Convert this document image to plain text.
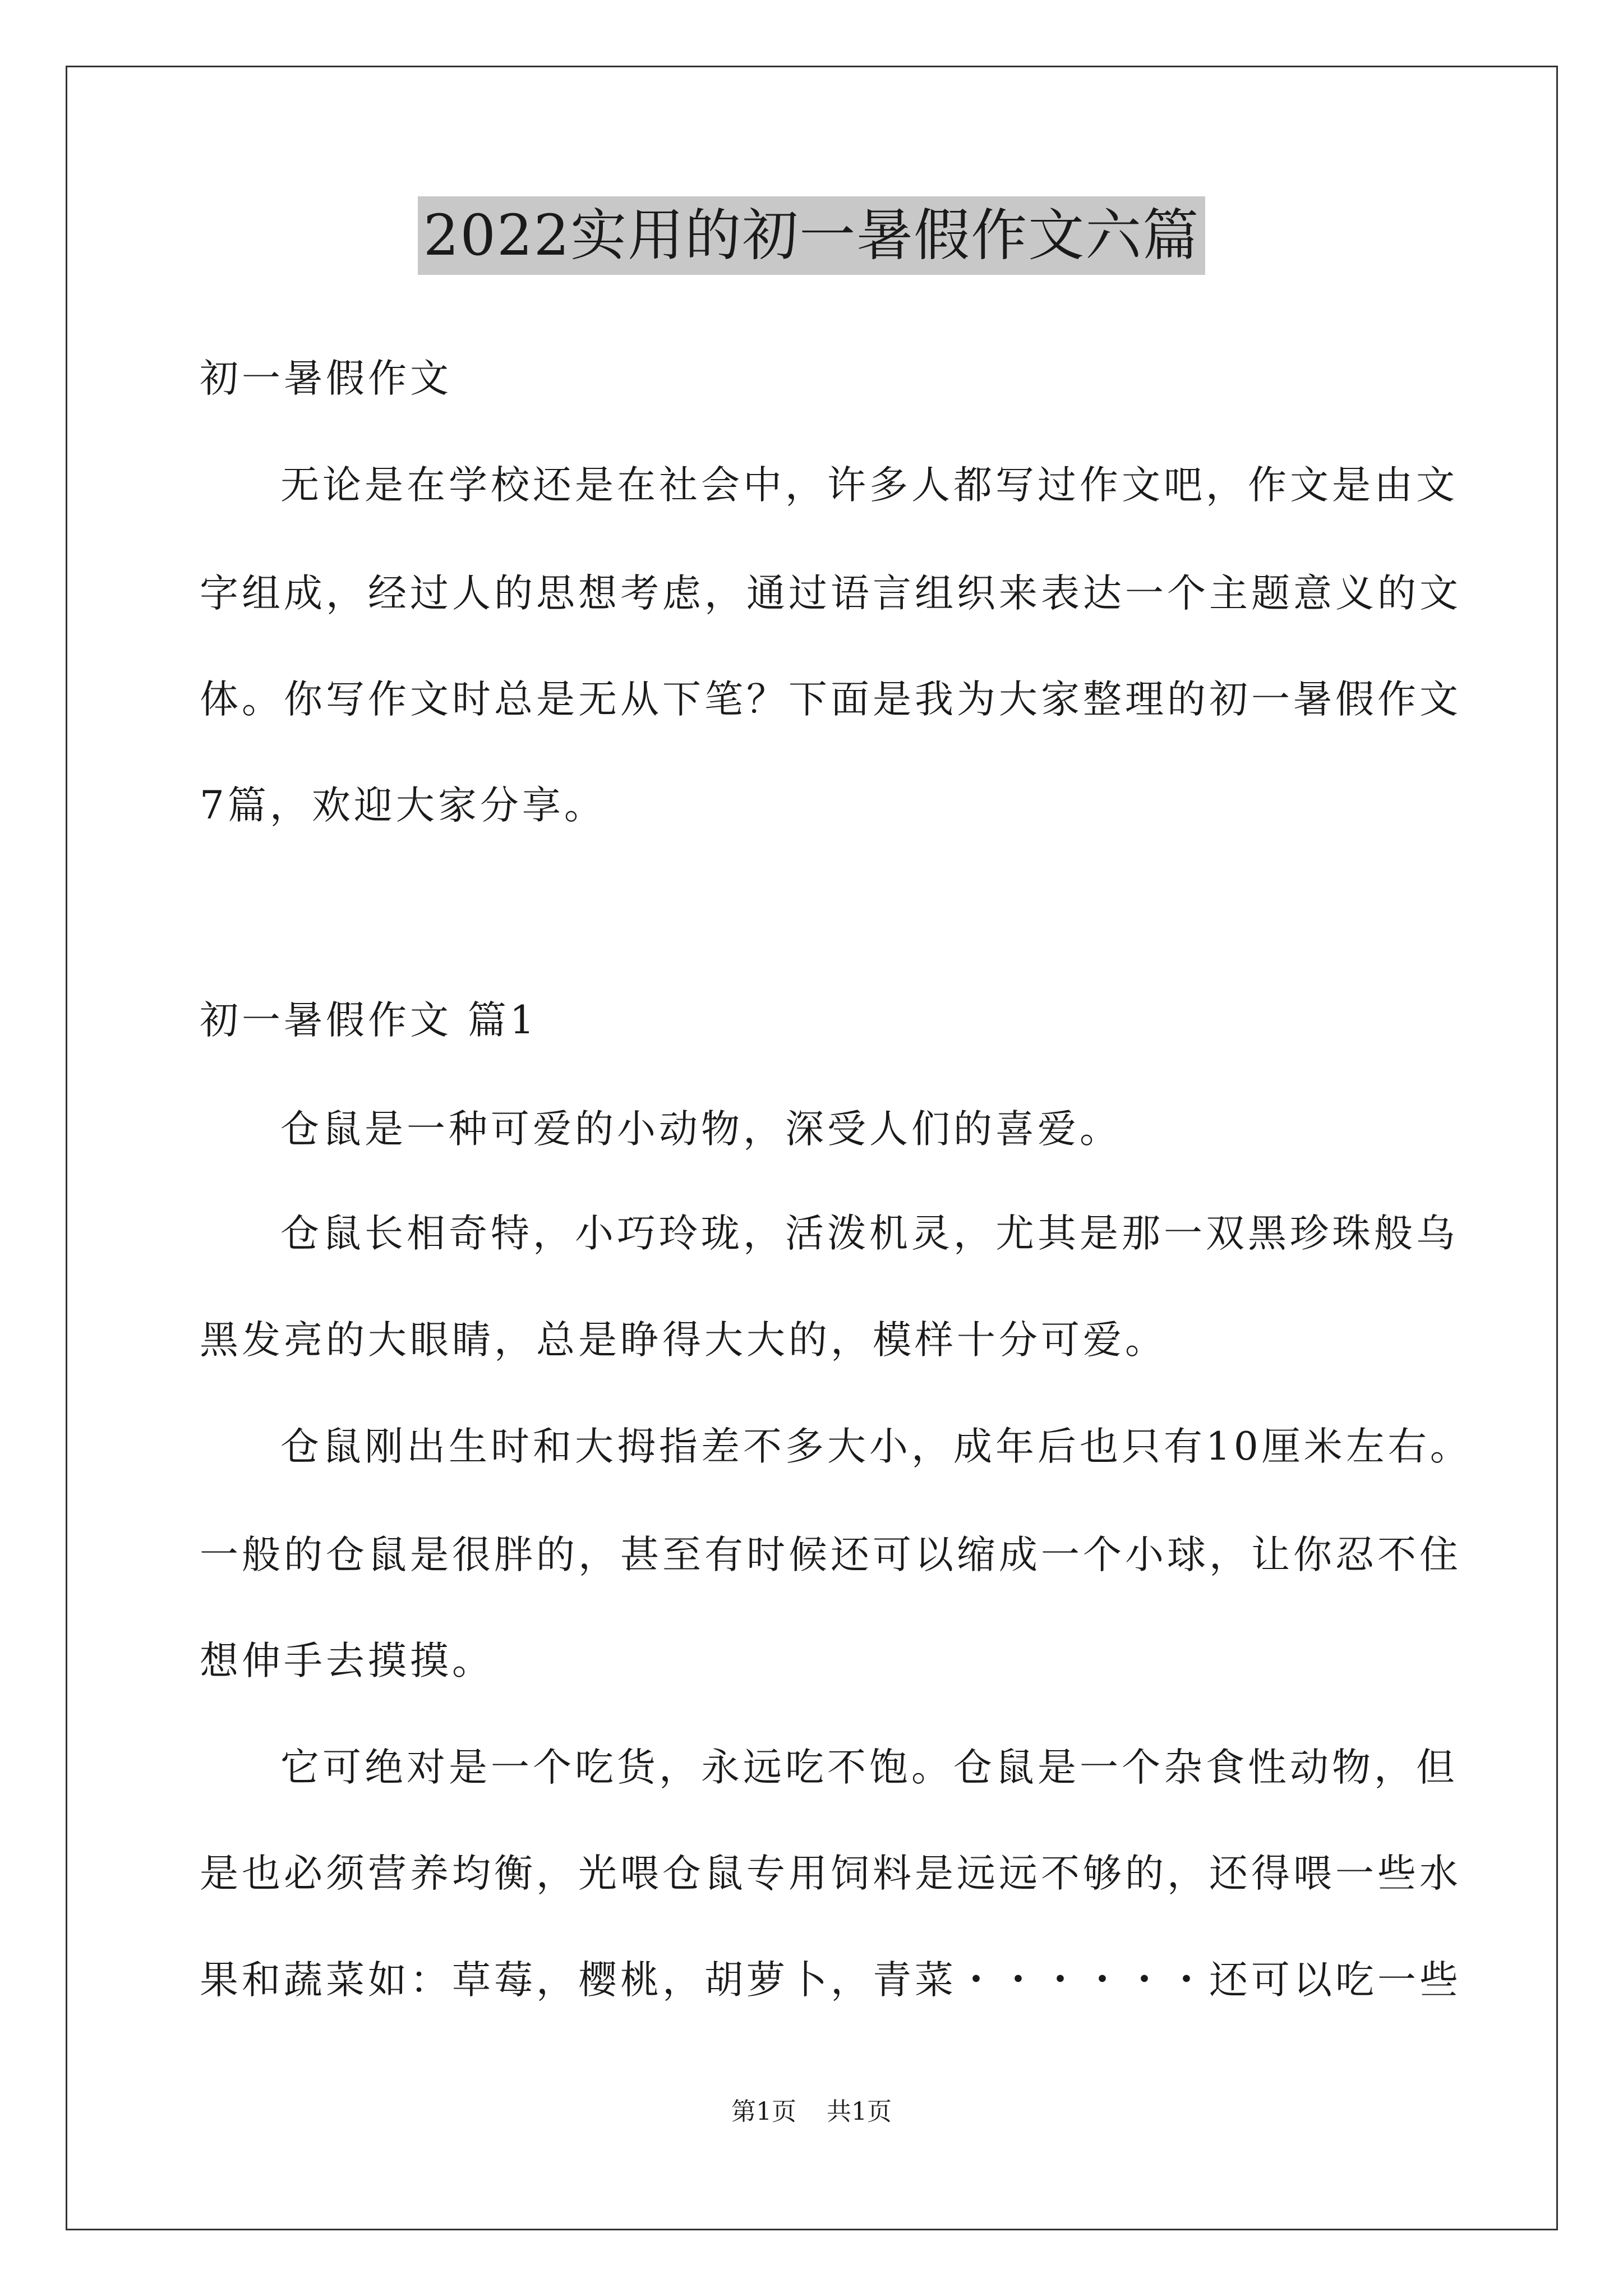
2022实用的初一暑假作文六篇
初一暑假作文
无论是在学校还是在社会中，许多人都写过作文吧，作文是由文
字组成，经过人的思想考虑，通过语言组织来表达一个主题意义的文
体。你写作文时总是无从下笔？下面是我为大家整理的初一暑假作文
7篇，欢迎大家分享。
初一暑假作文 篇1
仓鼠是一种可爱的小动物，深受人们的喜爱。
仓鼠长相奇特，小巧玲珑，活泼机灵，尤其是那一双黑珍珠般乌
黑发亮的大眼睛，总是睁得大大的，模样十分可爱。
仓鼠刚出生时和大拇指差不多大小，成年后也只有10厘米左右。
一般的仓鼠是很胖的，甚至有时候还可以缩成一个小球，让你忍不住
想伸手去摸摸。
它可绝对是一个吃货，永远吃不饱。仓鼠是一个杂食性动物，但
是也必须营养均衡，光喂仓鼠专用饲料是远远不够的，还得喂一些水
果和蔬菜如：草莓，樱桃，胡萝卜，青菜・・・・・・还可以吃一些
第1页 共1页
